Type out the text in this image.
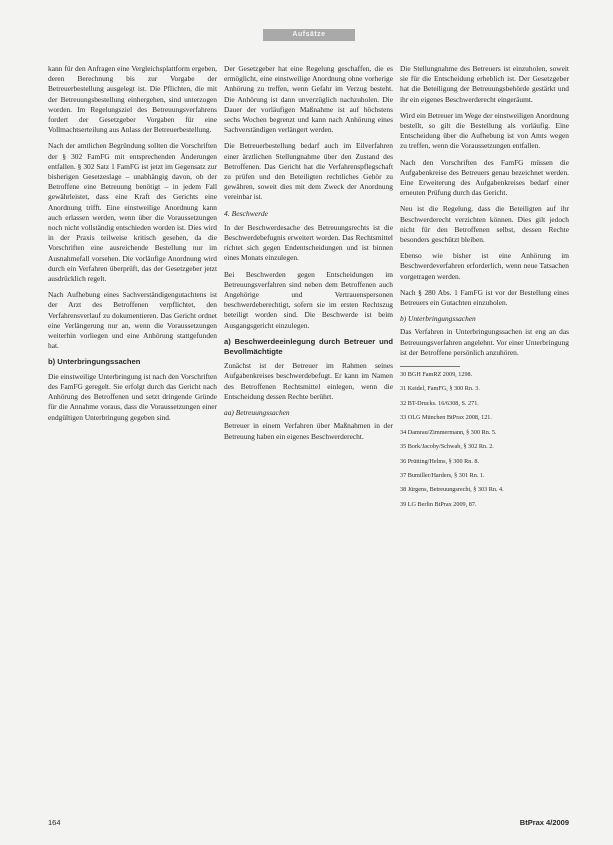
Aufsätze

kann für den Anfragen eine Vergleichsplattform ergeben, deren Berechnung bis zur Vorgabe der Betreuerbestellung ausgelegt ist. Die Pflichten, die mit der Betreuungsbestellung einhergehen, sind unterzogen worden. Im Regelungsziel des Betreuungsverfahrens fordert der Gesetzgeber Vorgaben für eine Vollmachtserteilung aus Anlass der Betreuerbestellung.

Nach der amtlichen Begründung sollten die Vorschriften der § 302 FamFG mit entsprechenden Änderungen entfallen. § 302 Satz 1 FamFG ist jetzt im Gegensatz zur bisherigen Gesetzeslage – unabhängig davon, ob der Betroffene eine Betreuung benötigt – in jedem Fall gewährleistet, dass eine Kraft des Gerichts eine Anordnung trifft. Eine einstweilige Anordnung kann auch erlassen werden, wenn über die Voraussetzungen noch nicht vollständig entschieden worden ist. Dies wird in der Praxis teilweise kritisch gesehen, da die Vorschriften eine ausreichende Bestellung nur im Ausnahmefall vorsehen. Die vorläufige Anordnung wird durch ein Verfahren überprüft, das der Gesetzgeber jetzt ausdrücklich regelt.

Nach Aufhebung eines Sachverständigengutachtens ist der Arzt des Betroffenen verpflichtet, den Verfahrensverlauf zu dokumentieren. Das Gericht ordnet eine Verlängerung nur an, wenn die Voraussetzungen weiterhin vorliegen und eine Anhörung stattgefunden hat.

b) Unterbringungssachen

Die einstweilige Unterbringung ist nach den Vorschriften des FamFG geregelt. Sie erfolgt durch das Gericht nach Anhörung des Betroffenen und setzt dringende Gründe für die Annahme voraus, dass die Voraussetzungen einer endgültigen Unterbringung gegeben sind.

Der Gesetzgeber hat eine Regelung geschaffen, die es ermöglicht, eine einstweilige Anordnung ohne vorherige Anhörung zu treffen, wenn Gefahr im Verzug besteht. Die Anhörung ist dann unverzüglich nachzuholen. Die Dauer der vorläufigen Maßnahme ist auf höchstens sechs Wochen begrenzt und kann nach Anhörung eines Sachverständigen verlängert werden.

Die Betreuerbestellung bedarf auch im Eilverfahren einer ärztlichen Stellungnahme über den Zustand des Betroffenen. Das Gericht hat die Verfahrenspflegschaft zu prüfen und den Beteiligten rechtliches Gehör zu gewähren, soweit dies mit dem Zweck der Anordnung vereinbar ist.

4. Beschwerde

In der Beschwerdesache des Betreuungsrechts ist die Beschwerdebefugnis erweitert worden. Das Rechtsmittel richtet sich gegen Endentscheidungen und ist binnen eines Monats einzulegen.

Bei Beschwerden gegen Entscheidungen im Betreuungsverfahren sind neben dem Betroffenen auch Angehörige und Vertrauenspersonen beschwerdeberechtigt, sofern sie im ersten Rechtszug beteiligt worden sind. Die Beschwerde ist beim Ausgangsgericht einzulegen.

a) Beschwerdeeinlegung durch Betreuer und Bevollmächtigte

Zunächst ist der Betreuer im Rahmen seines Aufgabenkreises beschwerdebefugt. Er kann im Namen des Betroffenen Rechtsmittel einlegen, wenn die Entscheidung dessen Rechte berührt.

aa) Betreuungssachen

Betreuer in einem Verfahren über Maßnahmen in der Betreuung haben ein eigenes Beschwerderecht.

Die Stellungnahme des Betreuers ist einzuholen, soweit sie für die Entscheidung erheblich ist. Der Gesetzgeber hat die Beteiligung der Betreuungsbehörde gestärkt und ihr ein eigenes Beschwerderecht eingeräumt.

Wird ein Betreuer im Wege der einstweiligen Anordnung bestellt, so gilt die Bestellung als vorläufig. Eine Entscheidung über die Aufhebung ist von Amts wegen zu treffen, wenn die Voraussetzungen entfallen.

Nach den Vorschriften des FamFG müssen die Aufgabenkreise des Betreuers genau bezeichnet werden. Eine Erweiterung des Aufgabenkreises bedarf einer erneuten Prüfung durch das Gericht.

Neu ist die Regelung, dass die Beteiligten auf ihr Beschwerderecht verzichten können. Dies gilt jedoch nicht für den Betroffenen selbst, dessen Rechte besonders geschützt bleiben.

Ebenso wie bisher ist eine Anhörung im Beschwerdeverfahren erforderlich, wenn neue Tatsachen vorgetragen werden.

Nach § 280 Abs. 1 FamFG ist vor der Bestellung eines Betreuers ein Gutachten einzuholen.

b) Unterbringungssachen

Das Verfahren in Unterbringungssachen ist eng an das Betreuungsverfahren angelehnt. Vor einer Unterbringung ist der Betroffene persönlich anzuhören.

30 BGH FamRZ 2009, 1298.

31 Keidel, FamFG, § 300 Rn. 3.

32 BT-Drucks. 16/6308, S. 271.

33 OLG München BtPrax 2008, 121.

34 Damrau/Zimmermann, § 300 Rn. 5.

35 Bork/Jacoby/Schwab, § 302 Rn. 2.

36 Prütting/Helms, § 300 Rn. 8.

37 Bumiller/Harders, § 301 Rn. 1.

38 Jürgens, Betreuungsrecht, § 303 Rn. 4.

39 LG Berlin BtPrax 2009, 87.

164	BtPrax 4/2009
